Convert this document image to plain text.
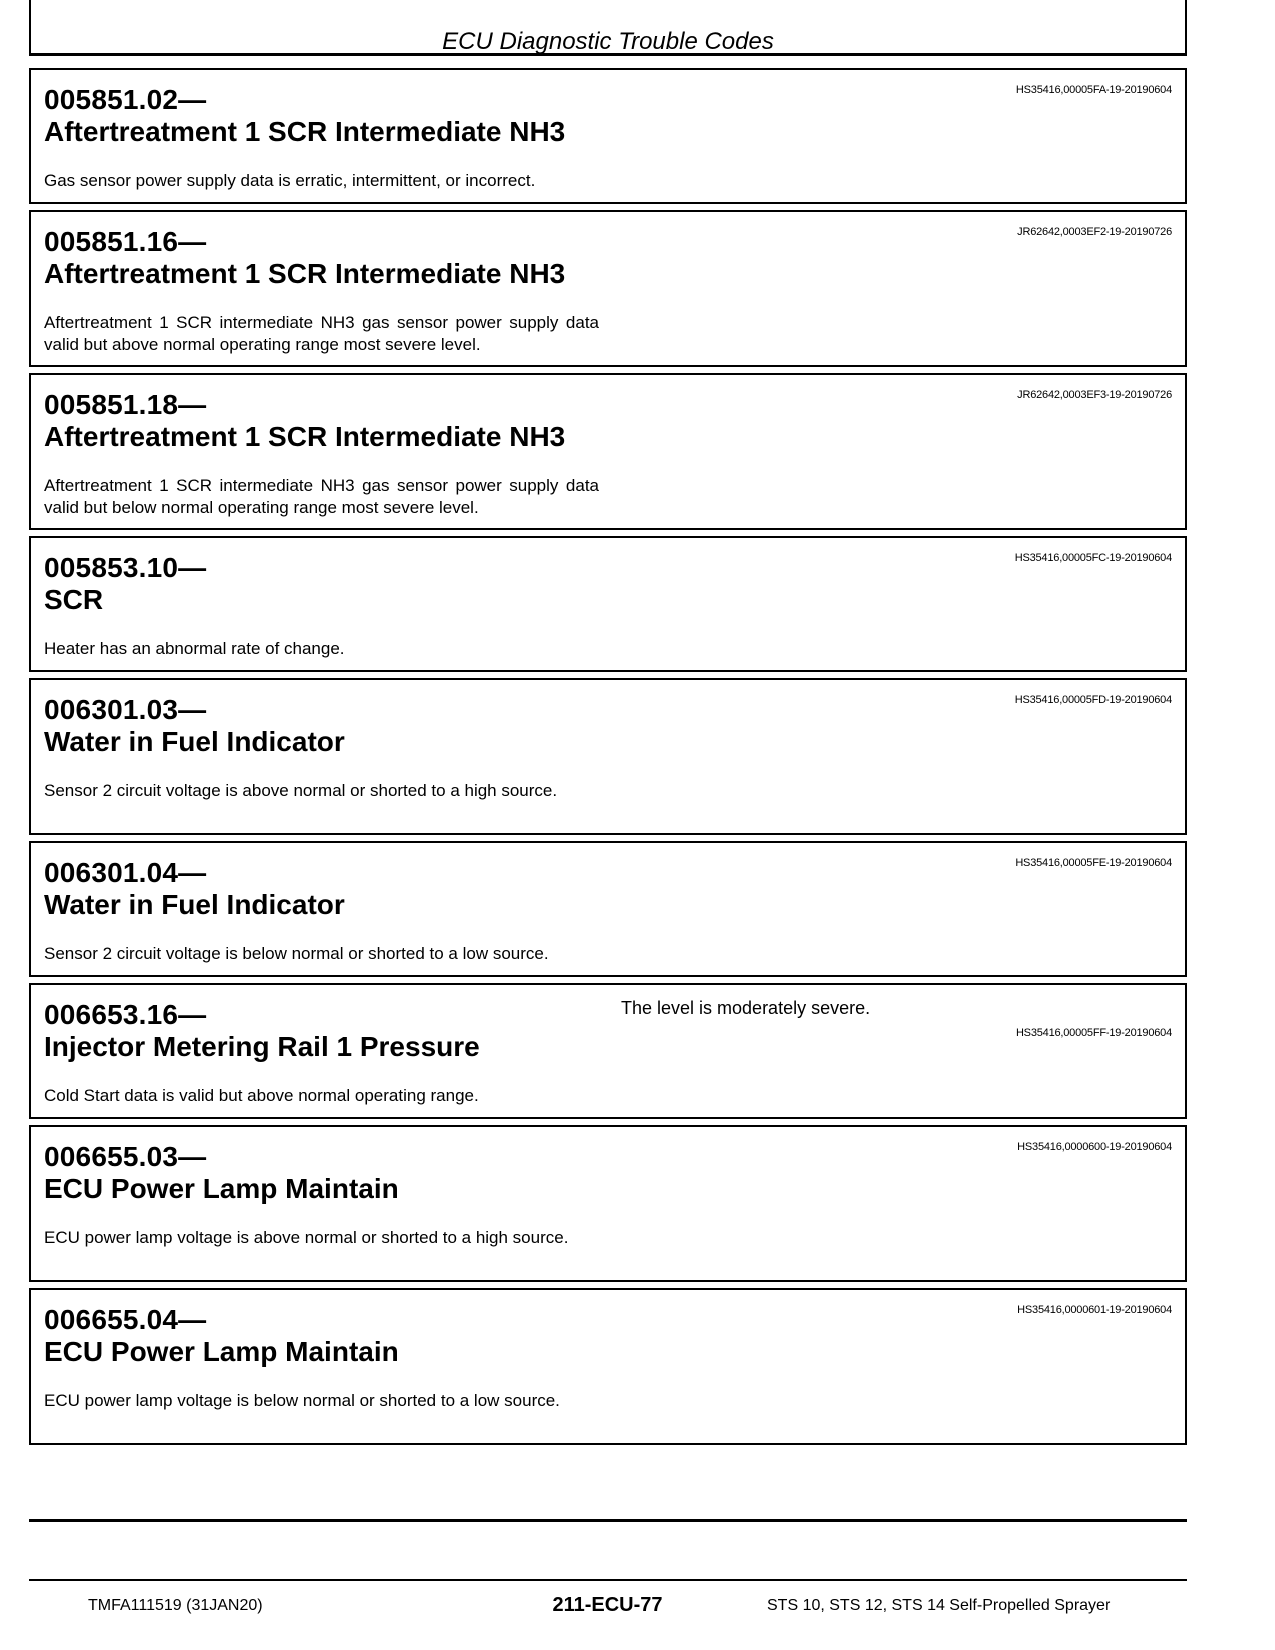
ECU Diagnostic Trouble Codes
005851.02—
Aftertreatment 1 SCR Intermediate NH3
HS35416,00005FA-19-20190604
Gas sensor power supply data is erratic, intermittent, or incorrect.
005851.16—
Aftertreatment 1 SCR Intermediate NH3
JR62642,0003EF2-19-20190726
Aftertreatment 1 SCR intermediate NH3 gas sensor power supply data valid but above normal operating range most severe level.
005851.18—
Aftertreatment 1 SCR Intermediate NH3
JR62642,0003EF3-19-20190726
Aftertreatment 1 SCR intermediate NH3 gas sensor power supply data valid but below normal operating range most severe level.
005853.10—
SCR
HS35416,00005FC-19-20190604
Heater has an abnormal rate of change.
006301.03—
Water in Fuel Indicator
HS35416,00005FD-19-20190604
Sensor 2 circuit voltage is above normal or shorted to a high source.
006301.04—
Water in Fuel Indicator
HS35416,00005FE-19-20190604
Sensor 2 circuit voltage is below normal or shorted to a low source.
006653.16—
Injector Metering Rail 1 Pressure
The level is moderately severe.
HS35416,00005FF-19-20190604
Cold Start data is valid but above normal operating range.
006655.03—
ECU Power Lamp Maintain
HS35416,0000600-19-20190604
ECU power lamp voltage is above normal or shorted to a high source.
006655.04—
ECU Power Lamp Maintain
HS35416,0000601-19-20190604
ECU power lamp voltage is below normal or shorted to a low source.
TMFA111519 (31JAN20)	211-ECU-77	STS 10, STS 12, STS 14 Self-Propelled Sprayer
